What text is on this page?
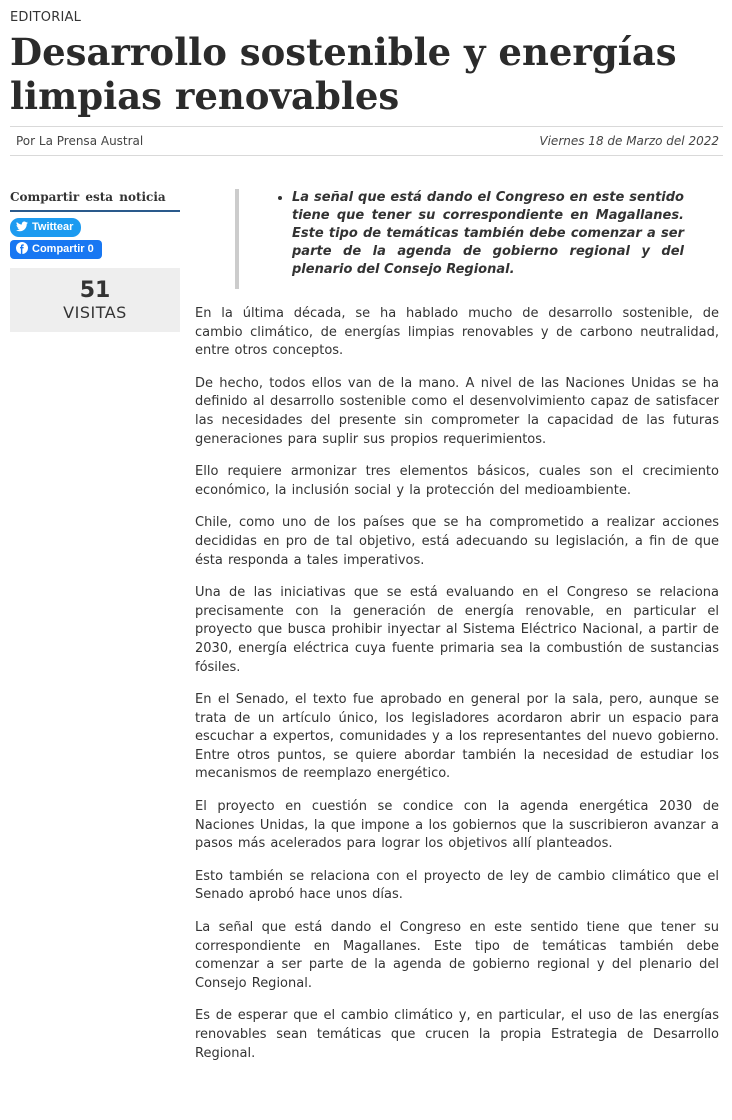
EDITORIAL
Desarrollo sostenible y energías limpias renovables
Por La Prensa Austral	Viernes 18 de Marzo del 2022
Compartir esta noticia
Twittear
Compartir 0
51
VISITAS
• La señal que está dando el Congreso en este sentido tiene que tener su correspondiente en Magallanes. Este tipo de temáticas también debe comenzar a ser parte de la agenda de gobierno regional y del plenario del Consejo Regional.

En la última década, se ha hablado mucho de desarrollo sostenible, de cambio climático, de energías limpias renovables y de carbono neutralidad, entre otros conceptos.

De hecho, todos ellos van de la mano. A nivel de las Naciones Unidas se ha definido al desarrollo sostenible como el desenvolvimiento capaz de satisfacer las necesidades del presente sin comprometer la capacidad de las futuras generaciones para suplir sus propios requerimientos.

Ello requiere armonizar tres elementos básicos, cuales son el crecimiento económico, la inclusión social y la protección del medioambiente.

Chile, como uno de los países que se ha comprometido a realizar acciones decididas en pro de tal objetivo, está adecuando su legislación, a fin de que ésta responda a tales imperativos.

Una de las iniciativas que se está evaluando en el Congreso se relaciona precisamente con la generación de energía renovable, en particular el proyecto que busca prohibir inyectar al Sistema Eléctrico Nacional, a partir de 2030, energía eléctrica cuya fuente primaria sea la combustión de sustancias fósiles.

En el Senado, el texto fue aprobado en general por la sala, pero, aunque se trata de un artículo único, los legisladores acordaron abrir un espacio para escuchar a expertos, comunidades y a los representantes del nuevo gobierno. Entre otros puntos, se quiere abordar también la necesidad de estudiar los mecanismos de reemplazo energético.

El proyecto en cuestión se condice con la agenda energética 2030 de Naciones Unidas, la que impone a los gobiernos que la suscribieron avanzar a pasos más acelerados para lograr los objetivos allí planteados.

Esto también se relaciona con el proyecto de ley de cambio climático que el Senado aprobó hace unos días.

La señal que está dando el Congreso en este sentido tiene que tener su correspondiente en Magallanes. Este tipo de temáticas también debe comenzar a ser parte de la agenda de gobierno regional y del plenario del Consejo Regional.

Es de esperar que el cambio climático y, en particular, el uso de las energías renovables sean temáticas que crucen la propia Estrategia de Desarrollo Regional.
